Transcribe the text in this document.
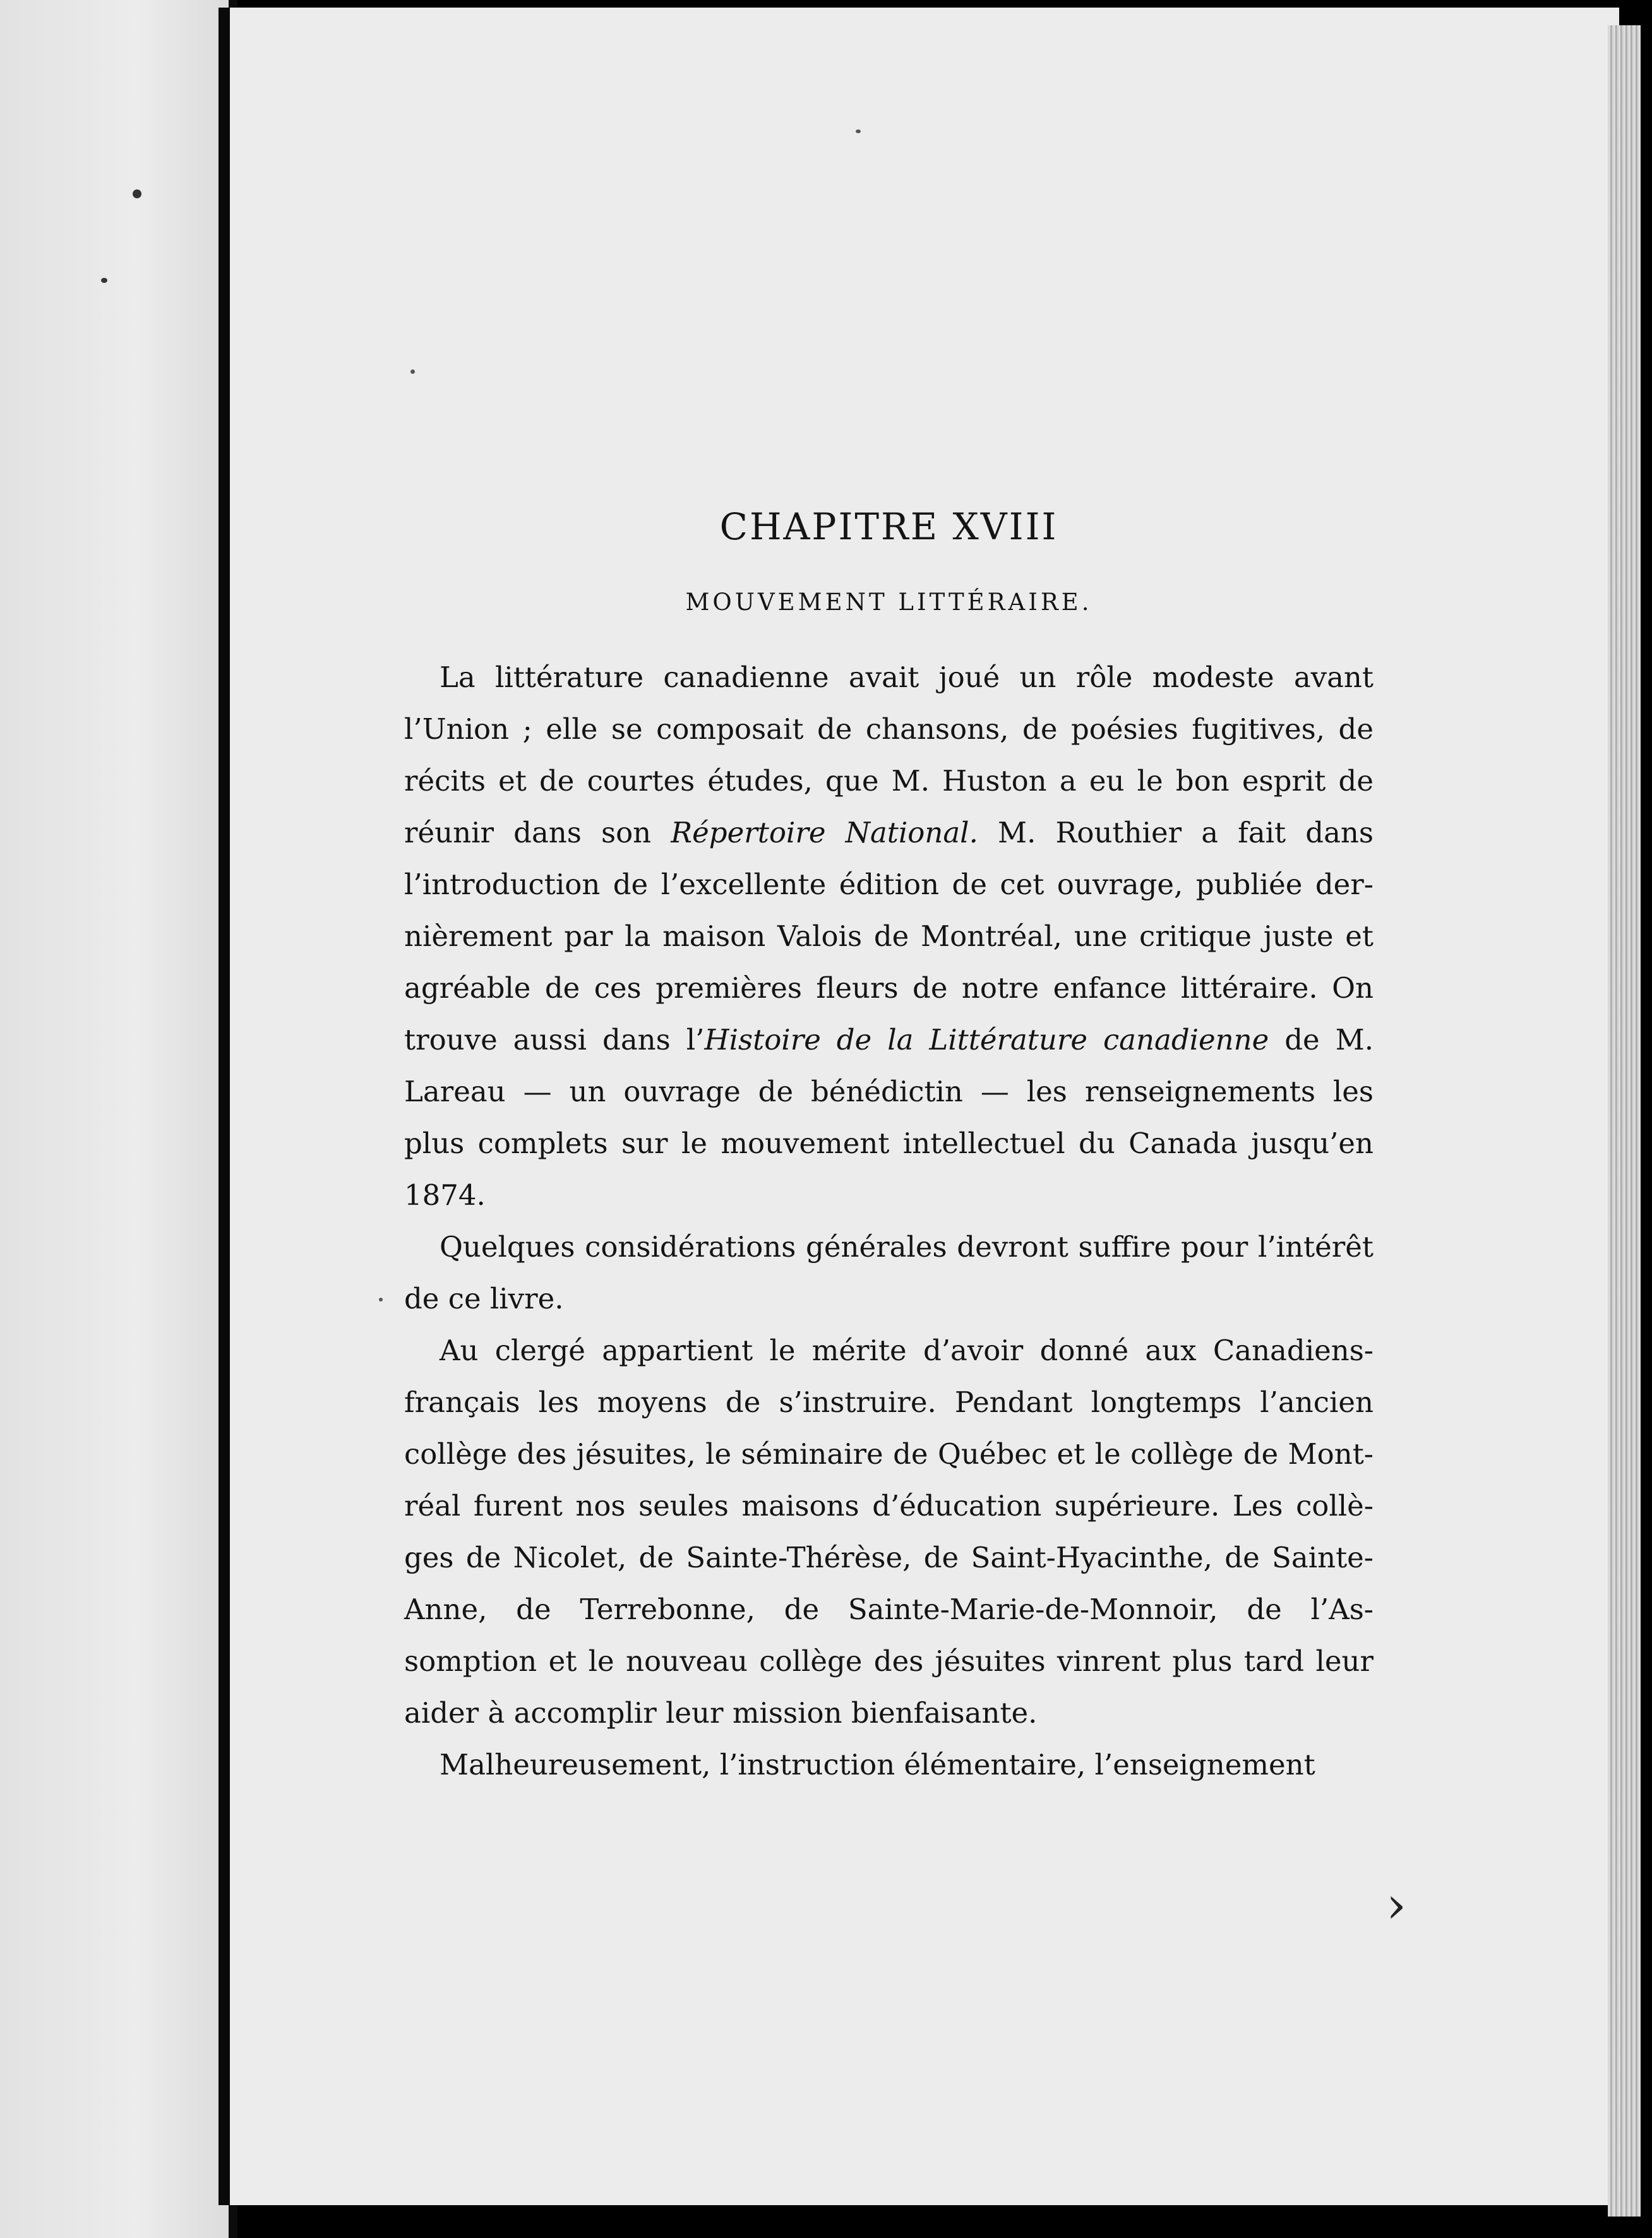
CHAPITRE XVIII
MOUVEMENT LITTÉRAIRE.

La littérature canadienne avait joué un rôle modeste avant
l’Union ; elle se composait de chansons, de poésies fugitives, de
récits et de courtes études, que M. Huston a eu le bon esprit de
réunir dans son Répertoire National. M. Routhier a fait dans
l’introduction de l’excellente édition de cet ouvrage, publiée der-
nièrement par la maison Valois de Montréal, une critique juste et
agréable de ces premières fleurs de notre enfance littéraire. On
trouve aussi dans l’Histoire de la Littérature canadienne de M.
Lareau — un ouvrage de bénédictin — les renseignements les
plus complets sur le mouvement intellectuel du Canada jusqu’en
1874.

Quelques considérations générales devront suffire pour l’intérêt
de ce livre.

Au clergé appartient le mérite d’avoir donné aux Canadiens-
français les moyens de s’instruire. Pendant longtemps l’ancien
collège des jésuites, le séminaire de Québec et le collège de Mont-
réal furent nos seules maisons d’éducation supérieure. Les collè-
ges de Nicolet, de Sainte-Thérèse, de Saint-Hyacinthe, de Sainte-
Anne, de Terrebonne, de Sainte-Marie-de-Monnoir, de l’As-
somption et le nouveau collège des jésuites vinrent plus tard leur
aider à accomplir leur mission bienfaisante.

Malheureusement, l’instruction élémentaire, l’enseignement

›
